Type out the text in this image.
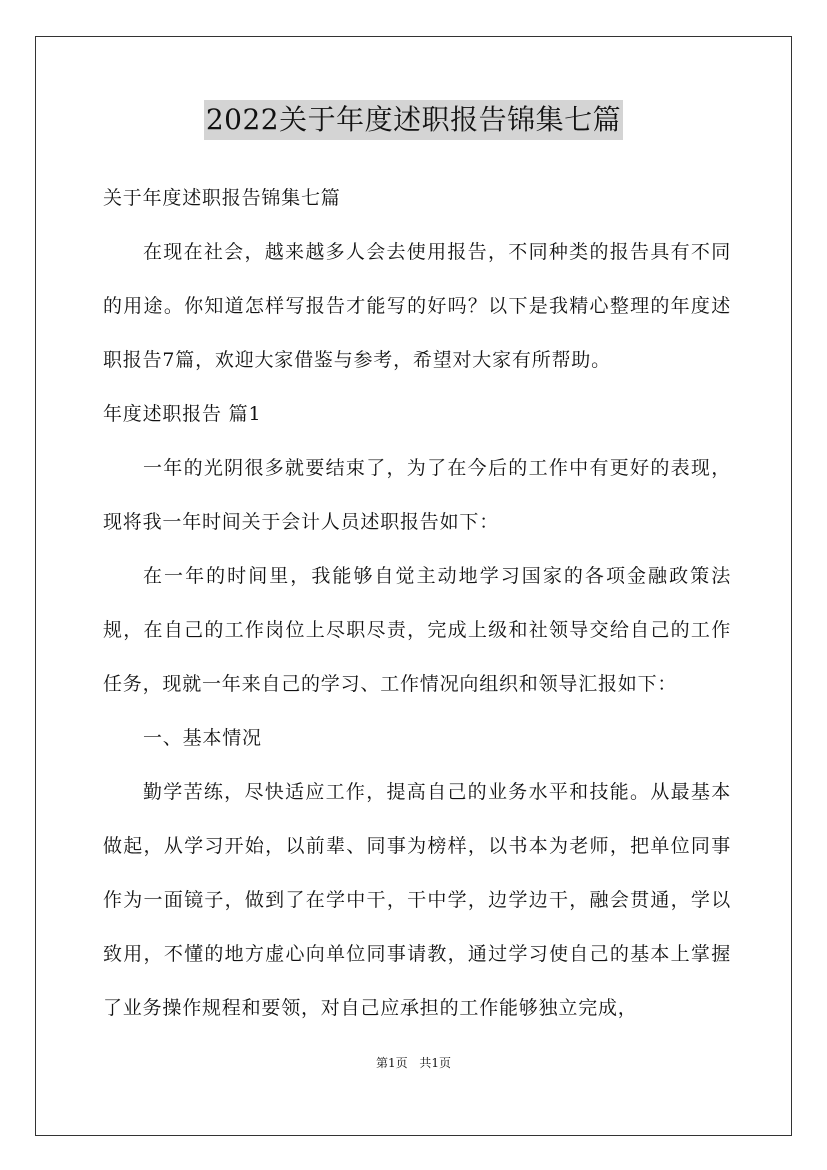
2022关于年度述职报告锦集七篇

关于年度述职报告锦集七篇

在现在社会，越来越多人会去使用报告，不同种类的报告具有不同的用途。你知道怎样写报告才能写的好吗？以下是我精心整理的年度述职报告7篇，欢迎大家借鉴与参考，希望对大家有所帮助。

年度述职报告 篇1

一年的光阴很多就要结束了，为了在今后的工作中有更好的表现，现将我一年时间关于会计人员述职报告如下：

在一年的时间里，我能够自觉主动地学习国家的各项金融政策法规，在自己的工作岗位上尽职尽责，完成上级和社领导交给自己的工作任务，现就一年来自己的学习、工作情况向组织和领导汇报如下：

一、基本情况

勤学苦练，尽快适应工作，提高自己的业务水平和技能。从最基本做起，从学习开始，以前辈、同事为榜样，以书本为老师，把单位同事作为一面镜子，做到了在学中干，干中学，边学边干，融会贯通，学以致用，不懂的地方虚心向单位同事请教，通过学习使自己的基本上掌握了业务操作规程和要领，对自己应承担的工作能够独立完成，

第1页 共1页
